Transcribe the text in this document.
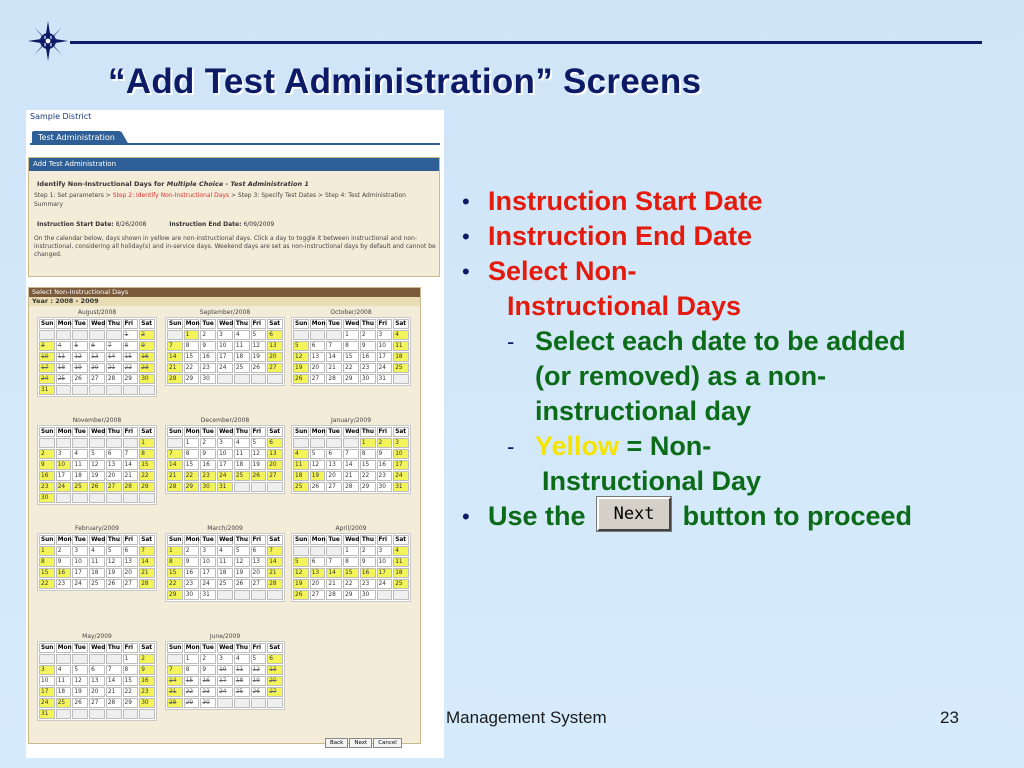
“Add Test Administration” Screens
Sample District
Test Administration
Add Test Administration
Identify Non-Instructional Days for Multiple Choice - Test Administration 1
Step 1: Set parameters > Step 2: Identify Non-Instructional Days > Step 3: Specify Test Dates > Step 4: Test Administration Summary
Instruction Start Date: 8/26/2008	Instruction End Date: 6/09/2009
On the calendar below, days shown in yellow are non-instructional days. Click a day to toggle it between instructional and non-instructional, considering all holiday(s) and in-service days. Weekend days are set as non-instructional days by default and cannot be changed.
Select Non-Instructional Days
Year : 2008 - 2009
August/2008
Sun	Mon	Tue	Wed	Thu	Fri	Sat
					1	2
3	4	5	6	7	8	9
10	11	12	13	14	15	16
17	18	19	20	21	22	23
24	25	26	27	28	29	30
31						
September/2008
Sun	Mon	Tue	Wed	Thu	Fri	Sat
	1	2	3	4	5	6
7	8	9	10	11	12	13
14	15	16	17	18	19	20
21	22	23	24	25	26	27
28	29	30				
October/2008
Sun	Mon	Tue	Wed	Thu	Fri	Sat
			1	2	3	4
5	6	7	8	9	10	11
12	13	14	15	16	17	18
19	20	21	22	23	24	25
26	27	28	29	30	31	
November/2008
Sun	Mon	Tue	Wed	Thu	Fri	Sat
						1
2	3	4	5	6	7	8
9	10	11	12	13	14	15
16	17	18	19	20	21	22
23	24	25	26	27	28	29
30						
December/2008
Sun	Mon	Tue	Wed	Thu	Fri	Sat
	1	2	3	4	5	6
7	8	9	10	11	12	13
14	15	16	17	18	19	20
21	22	23	24	25	26	27
28	29	30	31			
January/2009
Sun	Mon	Tue	Wed	Thu	Fri	Sat
				1	2	3
4	5	6	7	8	9	10
11	12	13	14	15	16	17
18	19	20	21	22	23	24
25	26	27	28	29	30	31
February/2009
Sun	Mon	Tue	Wed	Thu	Fri	Sat
1	2	3	4	5	6	7
8	9	10	11	12	13	14
15	16	17	18	19	20	21
22	23	24	25	26	27	28
March/2009
Sun	Mon	Tue	Wed	Thu	Fri	Sat
1	2	3	4	5	6	7
8	9	10	11	12	13	14
15	16	17	18	19	20	21
22	23	24	25	26	27	28
29	30	31				
April/2009
Sun	Mon	Tue	Wed	Thu	Fri	Sat
			1	2	3	4
5	6	7	8	9	10	11
12	13	14	15	16	17	18
19	20	21	22	23	24	25
26	27	28	29	30		
May/2009
Sun	Mon	Tue	Wed	Thu	Fri	Sat
					1	2
3	4	5	6	7	8	9
10	11	12	13	14	15	16
17	18	19	20	21	22	23
24	25	26	27	28	29	30
31						
June/2009
Sun	Mon	Tue	Wed	Thu	Fri	Sat
	1	2	3	4	5	6
7	8	9	10	11	12	13
14	15	16	17	18	19	20
21	22	23	24	25	26	27
28	29	30				
Back Next Cancel
• Instruction Start Date
• Instruction End Date
• Select Non-
Instructional Days
- Select each date to be added
(or removed) as a non-
instructional day
- Yellow = Non-
Instructional Day
• Use the Next button to proceed
Management System	23
